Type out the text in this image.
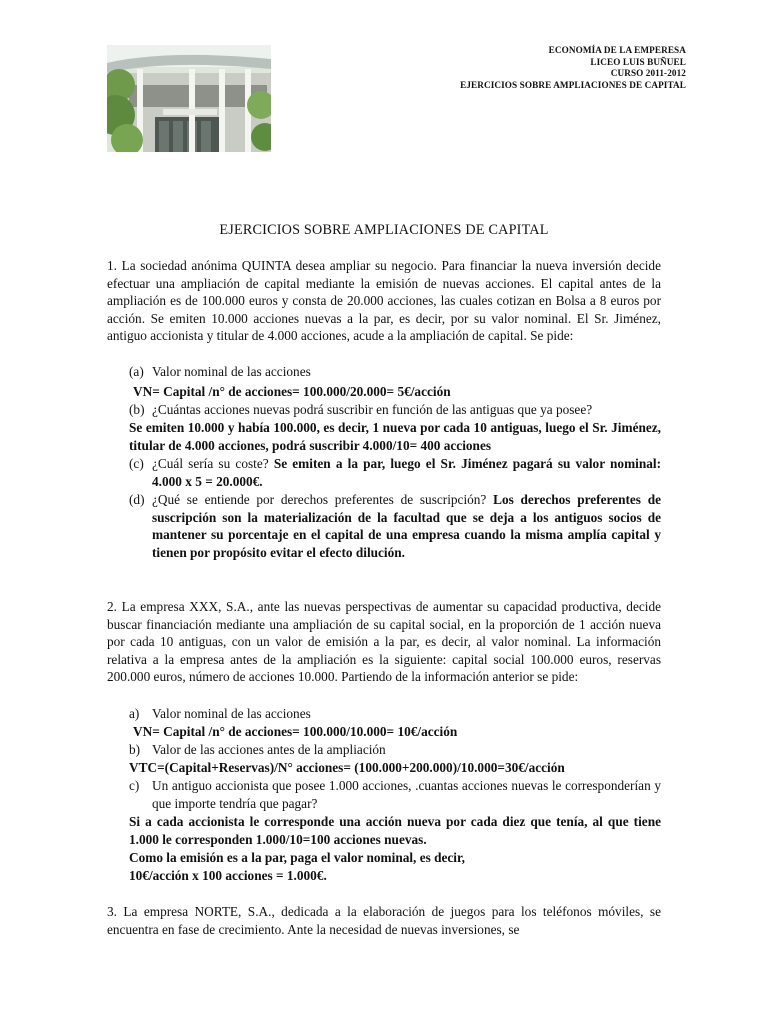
ECONOMÍA DE LA EMPERESA
LICEO LUIS BUÑUEL
CURSO 2011-2012
EJERCICIOS SOBRE AMPLIACIONES DE CAPITAL
EJERCICIOS SOBRE AMPLIACIONES DE CAPITAL
1. La sociedad anónima QUINTA desea ampliar su negocio. Para financiar la nueva inversión decide efectuar una ampliación de capital mediante la emisión de nuevas acciones. El capital antes de la ampliación es de 100.000 euros y consta de 20.000 acciones, las cuales cotizan en Bolsa a 8 euros por acción. Se emiten 10.000 acciones nuevas a la par, es decir, por su valor nominal. El Sr. Jiménez, antiguo accionista y titular de 4.000 acciones, acude a la ampliación de capital. Se pide:
(a) Valor nominal de las acciones
VN= Capital /n° de acciones= 100.000/20.000= 5€/acción
(b) ¿Cuántas acciones nuevas podrá suscribir en función de las antiguas que ya posee?
Se emiten 10.000 y había 100.000, es decir, 1 nueva por cada 10 antiguas, luego el Sr. Jiménez, titular de 4.000 acciones, podrá suscribir 4.000/10= 400 acciones
(c) ¿Cuál sería su coste? Se emiten a la par, luego el Sr. Jiménez pagará su valor nominal: 4.000 x 5 = 20.000€.
(d) ¿Qué se entiende por derechos preferentes de suscripción? Los derechos preferentes de suscripción son la materialización de la facultad que se deja a los antiguos socios de mantener su porcentaje en el capital de una empresa cuando la misma amplía capital y tienen por propósito evitar el efecto dilución.
2. La empresa XXX, S.A., ante las nuevas perspectivas de aumentar su capacidad productiva, decide buscar financiación mediante una ampliación de su capital social, en la proporción de 1 acción nueva por cada 10 antiguas, con un valor de emisión a la par, es decir, al valor nominal. La información relativa a la empresa antes de la ampliación es la siguiente: capital social 100.000 euros, reservas 200.000 euros, número de acciones 10.000. Partiendo de la información anterior se pide:
a) Valor nominal de las acciones
VN= Capital /n° de acciones= 100.000/10.000= 10€/acción
b) Valor de las acciones antes de la ampliación
VTC=(Capital+Reservas)/N° acciones= (100.000+200.000)/10.000=30€/acción
c) Un antiguo accionista que posee 1.000 acciones, .cuantas acciones nuevas le corresponderían y que importe tendría que pagar?
Si a cada accionista le corresponde una acción nueva por cada diez que tenía, al que tiene 1.000 le corresponden 1.000/10=100 acciones nuevas.
Como la emisión es a la par, paga el valor nominal, es decir,
10€/acción x 100 acciones = 1.000€.
3. La empresa NORTE, S.A., dedicada a la elaboración de juegos para los teléfonos móviles, se encuentra en fase de crecimiento. Ante la necesidad de nuevas inversiones, se
